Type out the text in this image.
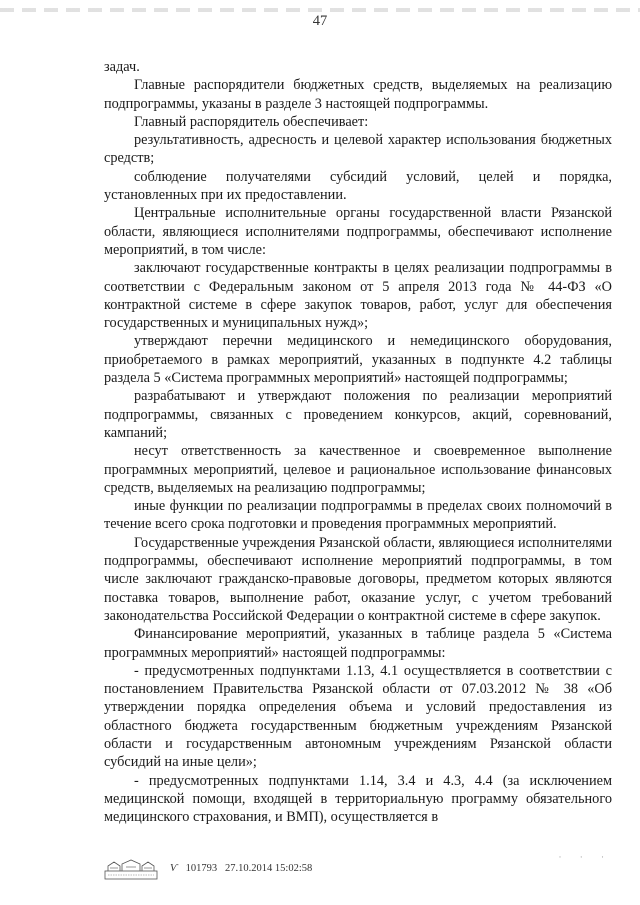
47

задач.

Главные распорядители бюджетных средств, выделяемых на реализацию подпрограммы, указаны в разделе 3 настоящей подпрограммы.

Главный распорядитель обеспечивает:

результативность, адресность и целевой характер использования бюджетных средств;

соблюдение получателями субсидий условий, целей и порядка, установленных при их предоставлении.

Центральные исполнительные органы государственной власти Рязанской области, являющиеся исполнителями подпрограммы, обеспечивают исполнение мероприятий, в том числе:

заключают государственные контракты в целях реализации подпрограммы в соответствии с Федеральным законом от 5 апреля 2013 года № 44-ФЗ «О контрактной системе в сфере закупок товаров, работ, услуг для обеспечения государственных и муниципальных нужд»;

утверждают перечни медицинского и немедицинского оборудования, приобретаемого в рамках мероприятий, указанных в подпункте 4.2 таблицы раздела 5 «Система программных мероприятий» настоящей подпрограммы;

разрабатывают и утверждают положения по реализации мероприятий подпрограммы, связанных с проведением конкурсов, акций, соревнований, кампаний;

несут ответственность за качественное и своевременное выполнение программных мероприятий, целевое и рациональное использование финансовых средств, выделяемых на реализацию подпрограммы;

иные функции по реализации подпрограммы в пределах своих полномочий в течение всего срока подготовки и проведения программных мероприятий.

Государственные учреждения Рязанской области, являющиеся исполнителями подпрограммы, обеспечивают исполнение мероприятий подпрограммы, в том числе заключают гражданско-правовые договоры, предметом которых являются поставка товаров, выполнение работ, оказание услуг, с учетом требований законодательства Российской Федерации о контрактной системе в сфере закупок.

Финансирование мероприятий, указанных в таблице раздела 5 «Система программных мероприятий» настоящей подпрограммы:

- предусмотренных подпунктами 1.13, 4.1 осуществляется в соответствии с постановлением Правительства Рязанской области от 07.03.2012 № 38 «Об утверждении порядка определения объема и условий предоставления из областного бюджета государственным бюджетным учреждениям Рязанской области и государственным автономным учреждениям Рязанской области субсидий на иные цели»;

- предусмотренных подпунктами 1.14, 3.4 и 4.3, 4.4 (за исключением медицинской помощи, входящей в территориальную программу обязательного медицинского страхования, и ВМП), осуществляется в

Ѵ 101793 27.10.2014 15:02:58
· · ·
